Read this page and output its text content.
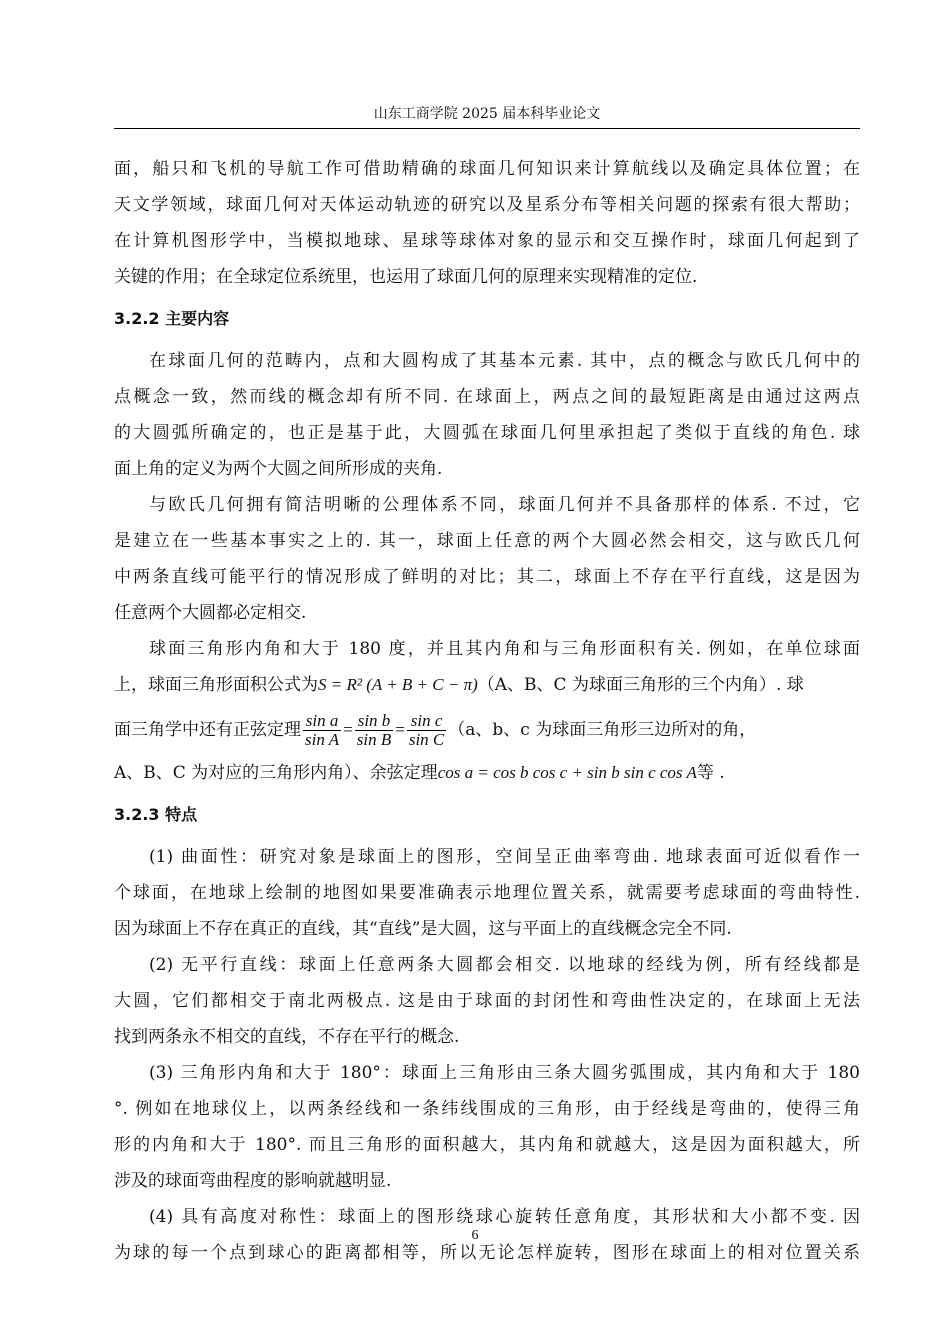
山东工商学院 2025 届本科毕业论文
面，船只和飞机的导航工作可借助精确的球面几何知识来计算航线以及确定具体位置；在
天文学领域，球面几何对天体运动轨迹的研究以及星系分布等相关问题的探索有很大帮助；
在计算机图形学中，当模拟地球、星球等球体对象的显示和交互操作时，球面几何起到了
关键的作用；在全球定位系统里，也运用了球面几何的原理来实现精准的定位.
3.2.2 主要内容
在球面几何的范畴内，点和大圆构成了其基本元素. 其中，点的概念与欧氏几何中的
点概念一致，然而线的概念却有所不同. 在球面上，两点之间的最短距离是由通过这两点
的大圆弧所确定的，也正是基于此，大圆弧在球面几何里承担起了类似于直线的角色. 球
面上角的定义为两个大圆之间所形成的夹角.
与欧氏几何拥有简洁明晰的公理体系不同，球面几何并不具备那样的体系. 不过，它
是建立在一些基本事实之上的. 其一，球面上任意的两个大圆必然会相交，这与欧氏几何
中两条直线可能平行的情况形成了鲜明的对比；其二，球面上不存在平行直线，这是因为
任意两个大圆都必定相交.
球面三角形内角和大于 180 度，并且其内角和与三角形面积有关. 例如，在单位球面
上，球面三角形面积公式为S = R² (A + B + C − π)（A、B、C 为球面三角形的三个内角）. 球
面三角学中还有正弦定理 $\frac{\text{sin a}}{\text{sin A}} = \frac{\text{sin b}}{\text{sin B}} = \frac{\text{sin c}}{\text{sin C}} (a$、b、c 为球面三角形三边所对的角，
A、B、C 为对应的三角形内角）、余弦定理cos a = cos b cos c + sin b sin c cos A等 .
3.2.3 特点
(1) 曲面性：研究对象是球面上的图形，空间呈正曲率弯曲. 地球表面可近似看作一
个球面，在地球上绘制的地图如果要准确表示地理位置关系，就需要考虑球面的弯曲特性.
因为球面上不存在真正的直线，其“直线”是大圆，这与平面上的直线概念完全不同.
(2) 无平行直线：球面上任意两条大圆都会相交. 以地球的经线为例，所有经线都是
大圆，它们都相交于南北两极点. 这是由于球面的封闭性和弯曲性决定的，在球面上无法
找到两条永不相交的直线，不存在平行的概念.
(3) 三角形内角和大于 180°：球面上三角形由三条大圆劣弧围成，其内角和大于 180
°. 例如在地球仪上，以两条经线和一条纬线围成的三角形，由于经线是弯曲的，使得三角
形的内角和大于 180°. 而且三角形的面积越大，其内角和就越大，这是因为面积越大，所
涉及的球面弯曲程度的影响就越明显.
(4) 具有高度对称性：球面上的图形绕球心旋转任意角度，其形状和大小都不变. 因
为球的每一个点到球心的距离都相等，所以无论怎样旋转，图形在球面上的相对位置关系
6
